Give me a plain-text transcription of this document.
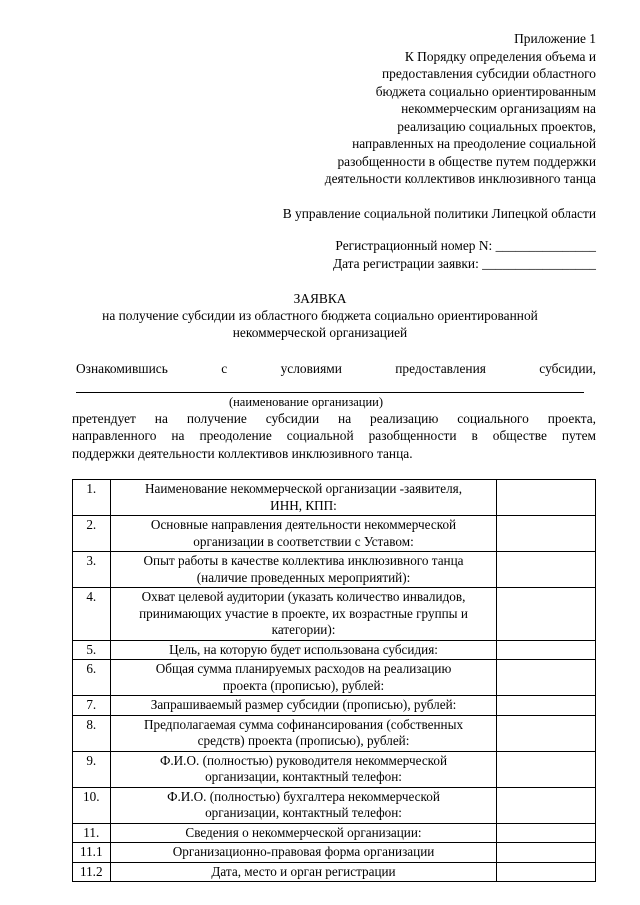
Приложение 1
К Порядку определения объема и
предоставления субсидии областного
бюджета социально ориентированным
некоммерческим организациям на
реализацию социальных проектов,
направленных на преодоление социальной
разобщенности в обществе путем поддержки
деятельности коллективов инклюзивного танца
В управление социальной политики Липецкой области
Регистрационный номер N: _______________
Дата регистрации заявки: _________________
ЗАЯВКА
на получение субсидии из областного бюджета социально ориентированной
некоммерческой организацией
Ознакомившись	с	условиями	предоставления	субсидии,
(наименование организации)
претендует на получение субсидии на реализацию социального проекта,
направленного на преодоление социальной разобщенности в обществе путем
поддержки деятельности коллективов инклюзивного танца.
1.	Наименование некоммерческой организации -заявителя,
ИНН, КПП:	

2.	Основные направления деятельности некоммерческой
организации в соответствии с Уставом:	

3.	Опыт работы в качестве коллектива инклюзивного танца
(наличие проведенных мероприятий):	

4.	Охват целевой аудитории (указать количество инвалидов,
принимающих участие в проекте, их возрастные группы и
категории):	

5.	Цель, на которую будет использована субсидия:	

6.	Общая сумма планируемых расходов на реализацию
проекта (прописью), рублей:	

7.	Запрашиваемый размер субсидии (прописью), рублей:	

8.	Предполагаемая сумма софинансирования (собственных
средств) проекта (прописью), рублей:	

9.	Ф.И.О. (полностью) руководителя некоммерческой
организации, контактный телефон:	

10.	Ф.И.О. (полностью) бухгалтера некоммерческой
организации, контактный телефон:	

11.	Сведения о некоммерческой организации:	

11.1	Организационно-правовая форма организации	

11.2	Дата, место и орган регистрации	
